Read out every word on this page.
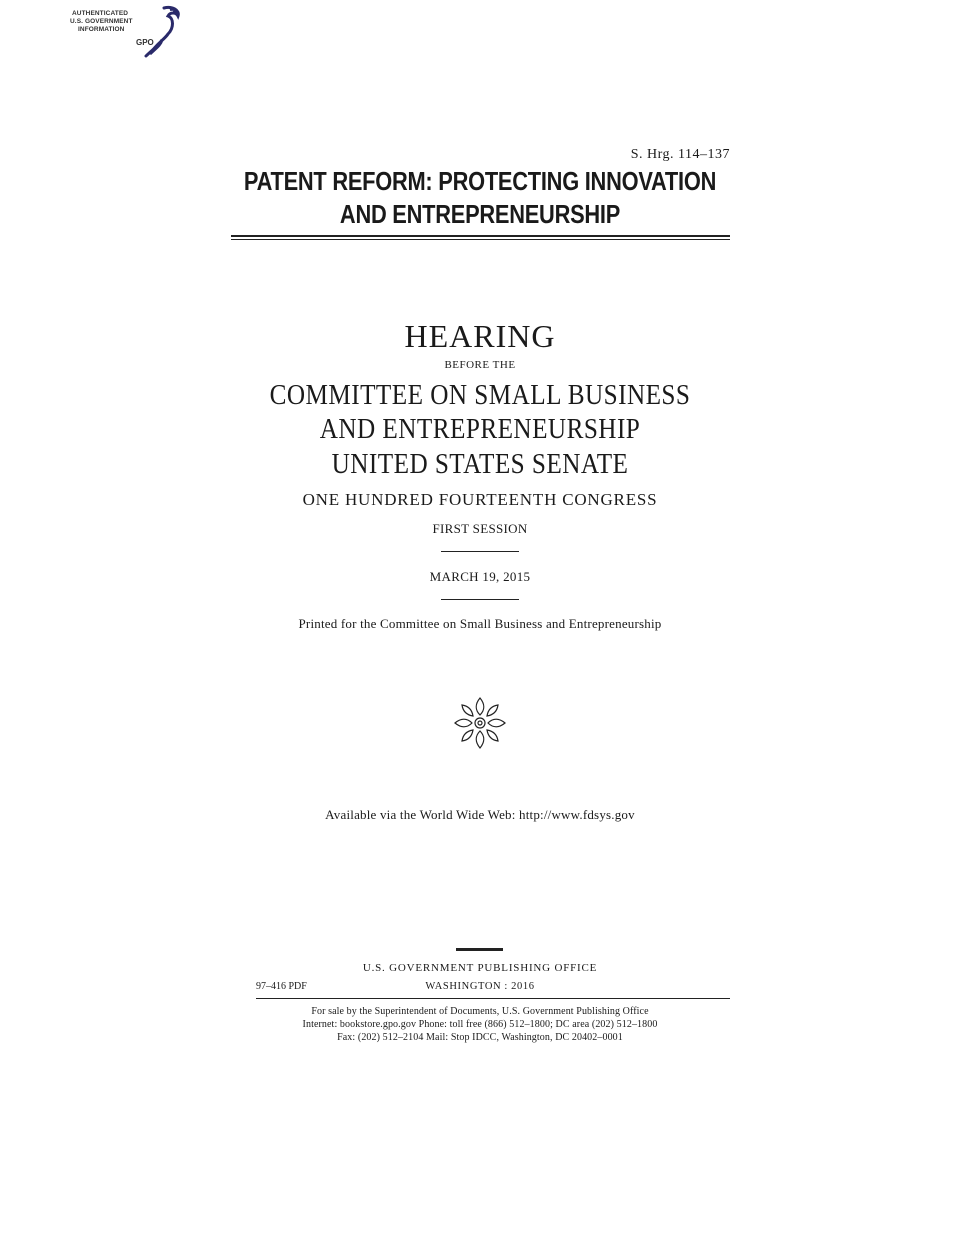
AUTHENTICATED
U.S. GOVERNMENT
INFORMATION
GPO
S. Hrg. 114–137
PATENT REFORM: PROTECTING INNOVATION
AND ENTREPRENEURSHIP
HEARING
BEFORE THE
COMMITTEE ON SMALL BUSINESS
AND ENTREPRENEURSHIP
UNITED STATES SENATE
ONE HUNDRED FOURTEENTH CONGRESS
FIRST SESSION
MARCH 19, 2015
Printed for the Committee on Small Business and Entrepreneurship
Available via the World Wide Web: http://www.fdsys.gov
U.S. GOVERNMENT PUBLISHING OFFICE
97–416 PDF	WASHINGTON : 2016
For sale by the Superintendent of Documents, U.S. Government Publishing Office
Internet: bookstore.gpo.gov Phone: toll free (866) 512–1800; DC area (202) 512–1800
Fax: (202) 512–2104 Mail: Stop IDCC, Washington, DC 20402–0001
